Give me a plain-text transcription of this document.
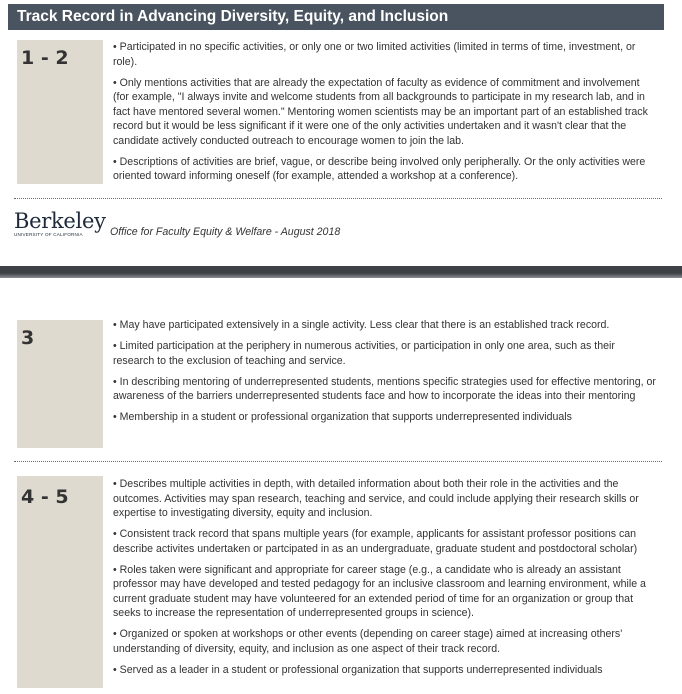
Track Record in Advancing Diversity, Equity, and Inclusion
1 - 2
•	Participated in no specific activities, or only one or two limited activities (limited in terms of time, investment, or role).
• Only mentions activities that are already the expectation of faculty as evidence of commitment and involvement (for example, "I always invite and welcome students from all backgrounds to participate in my research lab, and in fact have mentored several women." Mentoring women scientists may be an important part of an established track record but it would be less significant if it were one of the only activities undertaken and it wasn't clear that the candidate actively conducted outreach to encourage women to join the lab.
• Descriptions of activities are brief, vague, or describe being involved only peripherally. Or the only activities were oriented toward informing oneself (for example, attended a workshop at a conference).
Berkeley
UNIVERSITY OF CALIFORNIA	Office for Faculty Equity & Welfare - August 2018
3
• May have participated extensively in a single activity. Less clear that there is an established track record.
• Limited participation at the periphery in numerous activities, or participation in only one area, such as their research to the exclusion of teaching and service.
• In describing mentoring of underrepresented students, mentions specific strategies used for effective mentoring, or awareness of the barriers underrepresented students face and how to incorporate the ideas into their mentoring
• Membership in a student or professional organization that supports underrepresented individuals
4 - 5
• Describes multiple activities in depth, with detailed information about both their role in the activities and the outcomes. Activities may span research, teaching and service, and could include applying their research skills or expertise to investigating diversity, equity and inclusion.
• Consistent track record that spans multiple years (for example, applicants for assistant professor positions can describe activites undertaken or partcipated in as an undergraduate, graduate student and postdoctoral scholar)
• Roles taken were significant and appropriate for career stage (e.g., a candidate who is already an assistant professor may have developed and tested pedagogy for an inclusive classroom and learning environment, while a current graduate student may have volunteered for an extended period of time for an organization or group that seeks to increase the representation of underrepresented groups in science).
• Organized or spoken at workshops or other events (depending on career stage) aimed at increasing others' understanding of diversity, equity, and inclusion as one aspect of their track record.
• Served as a leader in a student or professional organization that supports underrepresented individuals
